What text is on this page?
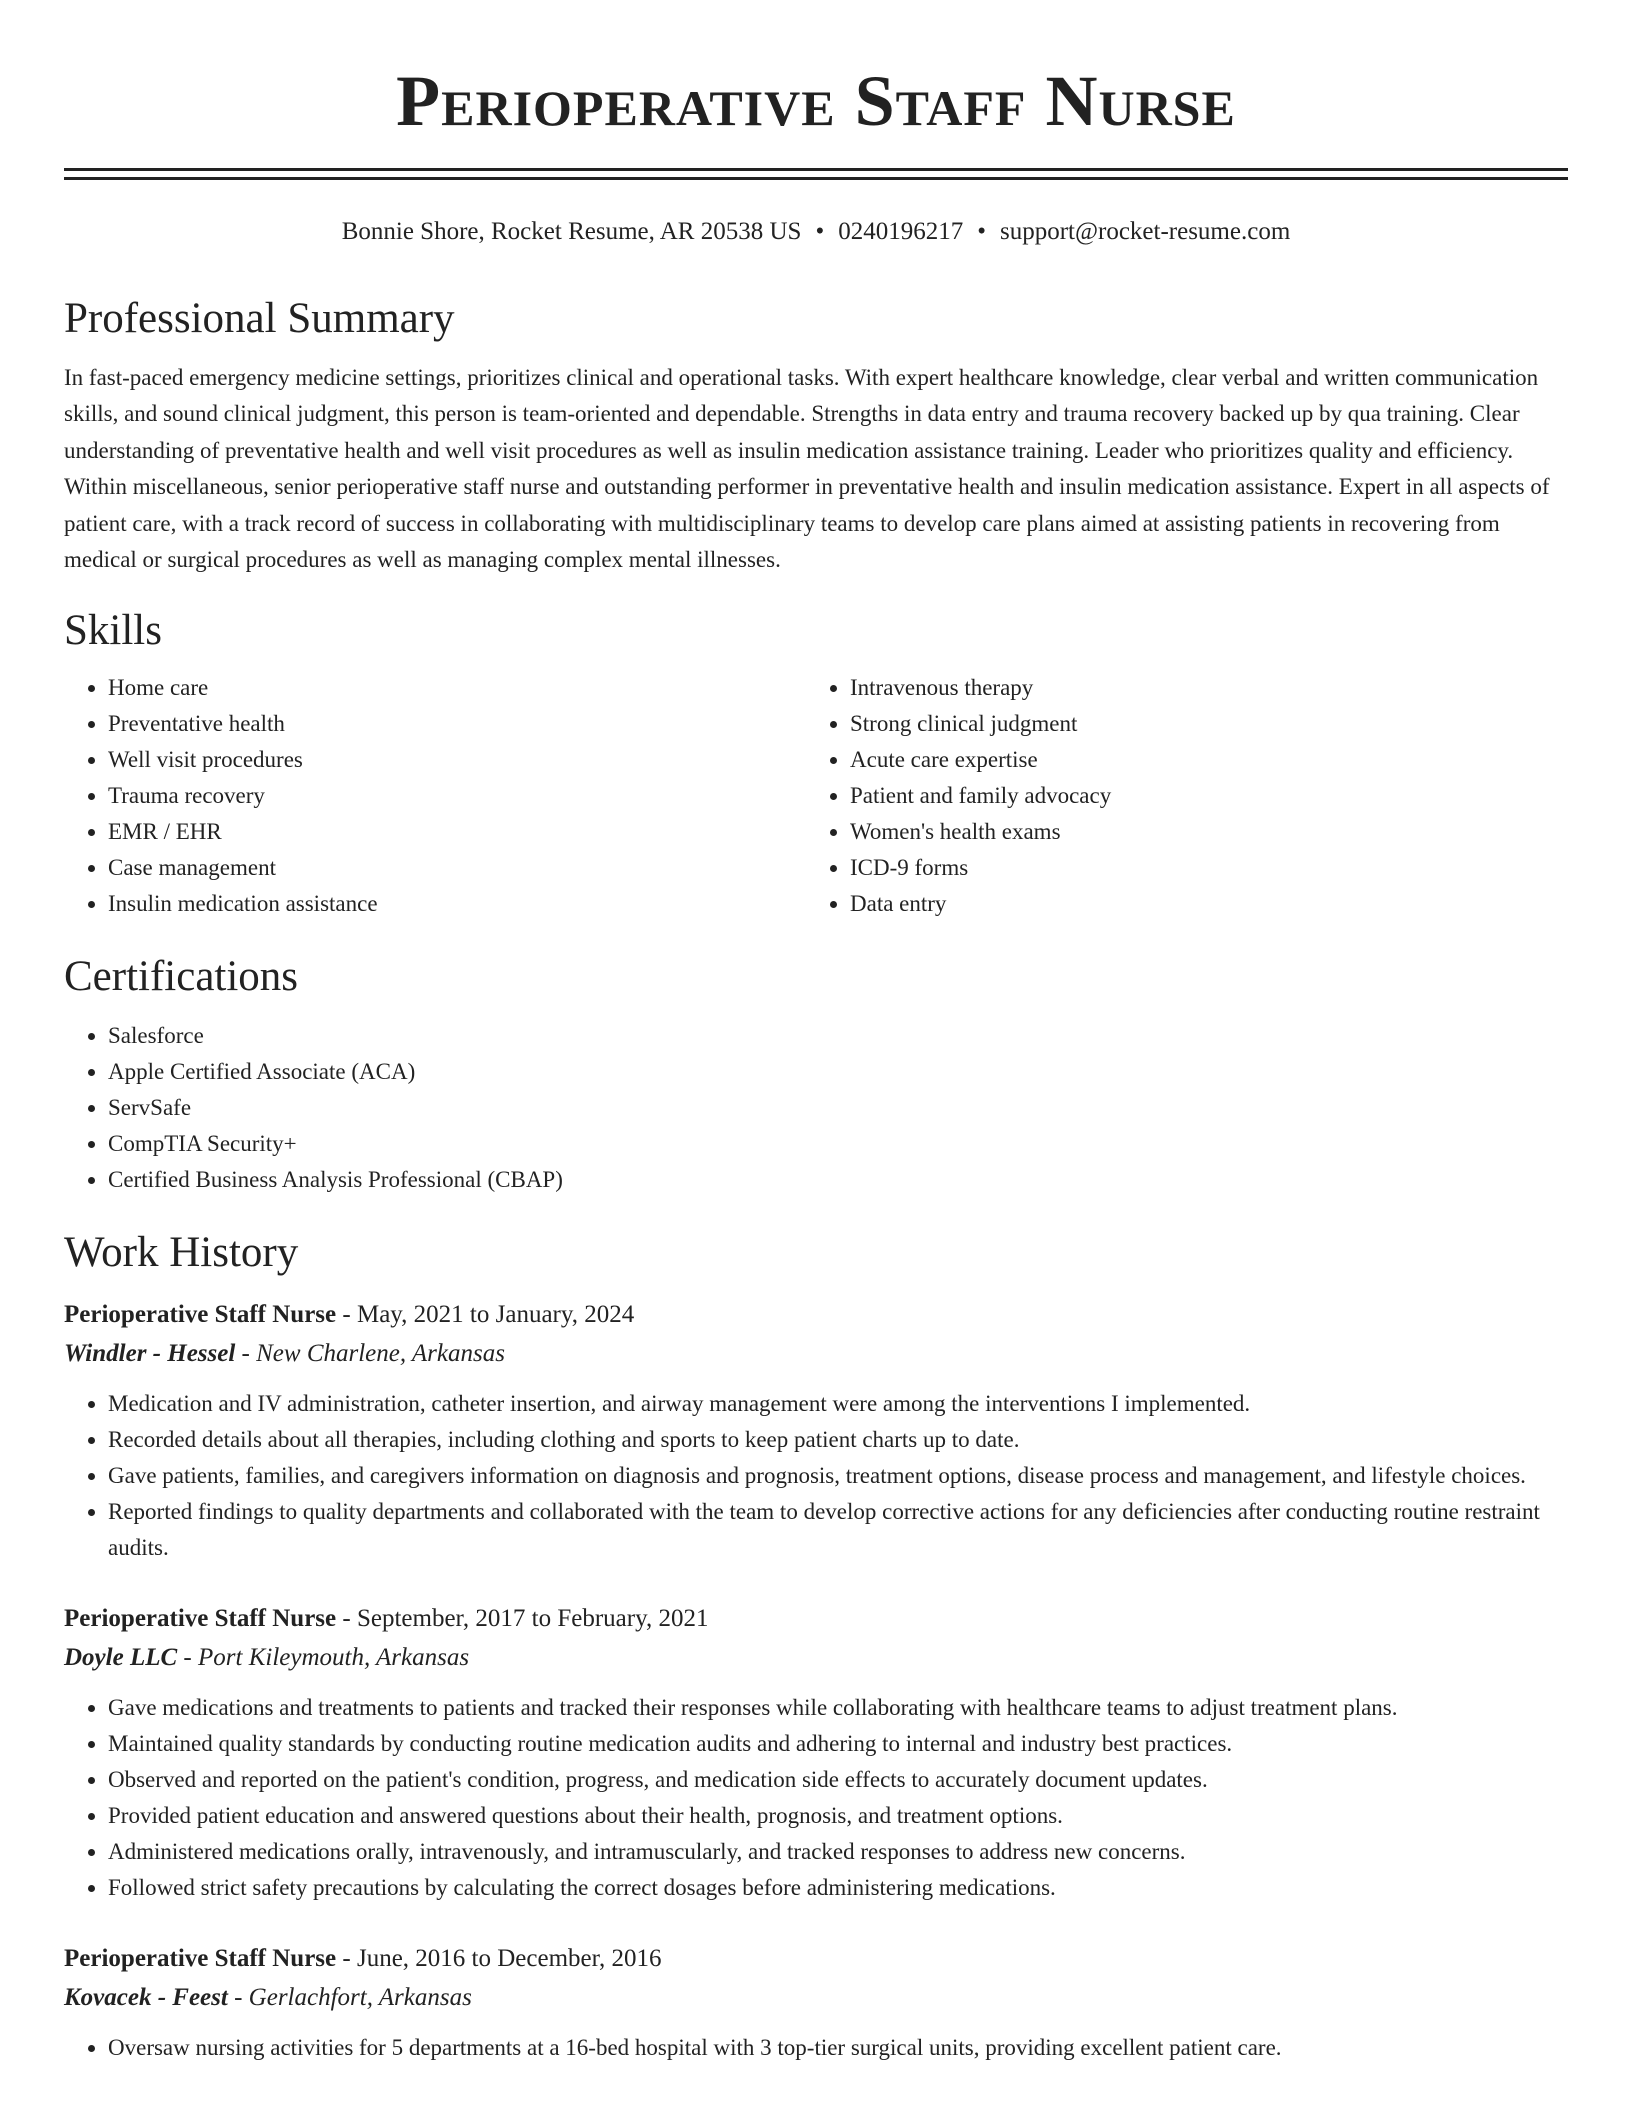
Perioperative Staff Nurse
Bonnie Shore, Rocket Resume, AR 20538 US • 0240196217 • support@rocket-resume.com
Professional Summary

In fast-paced emergency medicine settings, prioritizes clinical and operational tasks. With expert healthcare knowledge, clear verbal and written communication skills, and sound clinical judgment, this person is team-oriented and dependable. Strengths in data entry and trauma recovery backed up by qua training. Clear understanding of preventative health and well visit procedures as well as insulin medication assistance training. Leader who prioritizes quality and efficiency. Within miscellaneous, senior perioperative staff nurse and outstanding performer in preventative health and insulin medication assistance. Expert in all aspects of patient care, with a track record of success in collaborating with multidisciplinary teams to develop care plans aimed at assisting patients in recovering from medical or surgical procedures as well as managing complex mental illnesses.

Skills
• Home care
• Preventative health
• Well visit procedures
• Trauma recovery
• EMR / EHR
• Case management
• Insulin medication assistance
• Intravenous therapy
• Strong clinical judgment
• Acute care expertise
• Patient and family advocacy
• Women's health exams
• ICD-9 forms
• Data entry
Certifications
• Salesforce
• Apple Certified Associate (ACA)
• ServSafe
• CompTIA Security+
• Certified Business Analysis Professional (CBAP)
Work History

Perioperative Staff Nurse - May, 2021 to January, 2024

Windler - Hessel - New Charlene, Arkansas

• Medication and IV administration, catheter insertion, and airway management were among the interventions I implemented.
• Recorded details about all therapies, including clothing and sports to keep patient charts up to date.
• Gave patients, families, and caregivers information on diagnosis and prognosis, treatment options, disease process and management, and lifestyle choices.
• Reported findings to quality departments and collaborated with the team to develop corrective actions for any deficiencies after conducting routine restraint audits.

Perioperative Staff Nurse - September, 2017 to February, 2021

Doyle LLC - Port Kileymouth, Arkansas

• Gave medications and treatments to patients and tracked their responses while collaborating with healthcare teams to adjust treatment plans.
• Maintained quality standards by conducting routine medication audits and adhering to internal and industry best practices.
• Observed and reported on the patient's condition, progress, and medication side effects to accurately document updates.
• Provided patient education and answered questions about their health, prognosis, and treatment options.
• Administered medications orally, intravenously, and intramuscularly, and tracked responses to address new concerns.
• Followed strict safety precautions by calculating the correct dosages before administering medications.

Perioperative Staff Nurse - June, 2016 to December, 2016

Kovacek - Feest - Gerlachfort, Arkansas

• Oversaw nursing activities for 5 departments at a 16-bed hospital with 3 top-tier surgical units, providing excellent patient care.
